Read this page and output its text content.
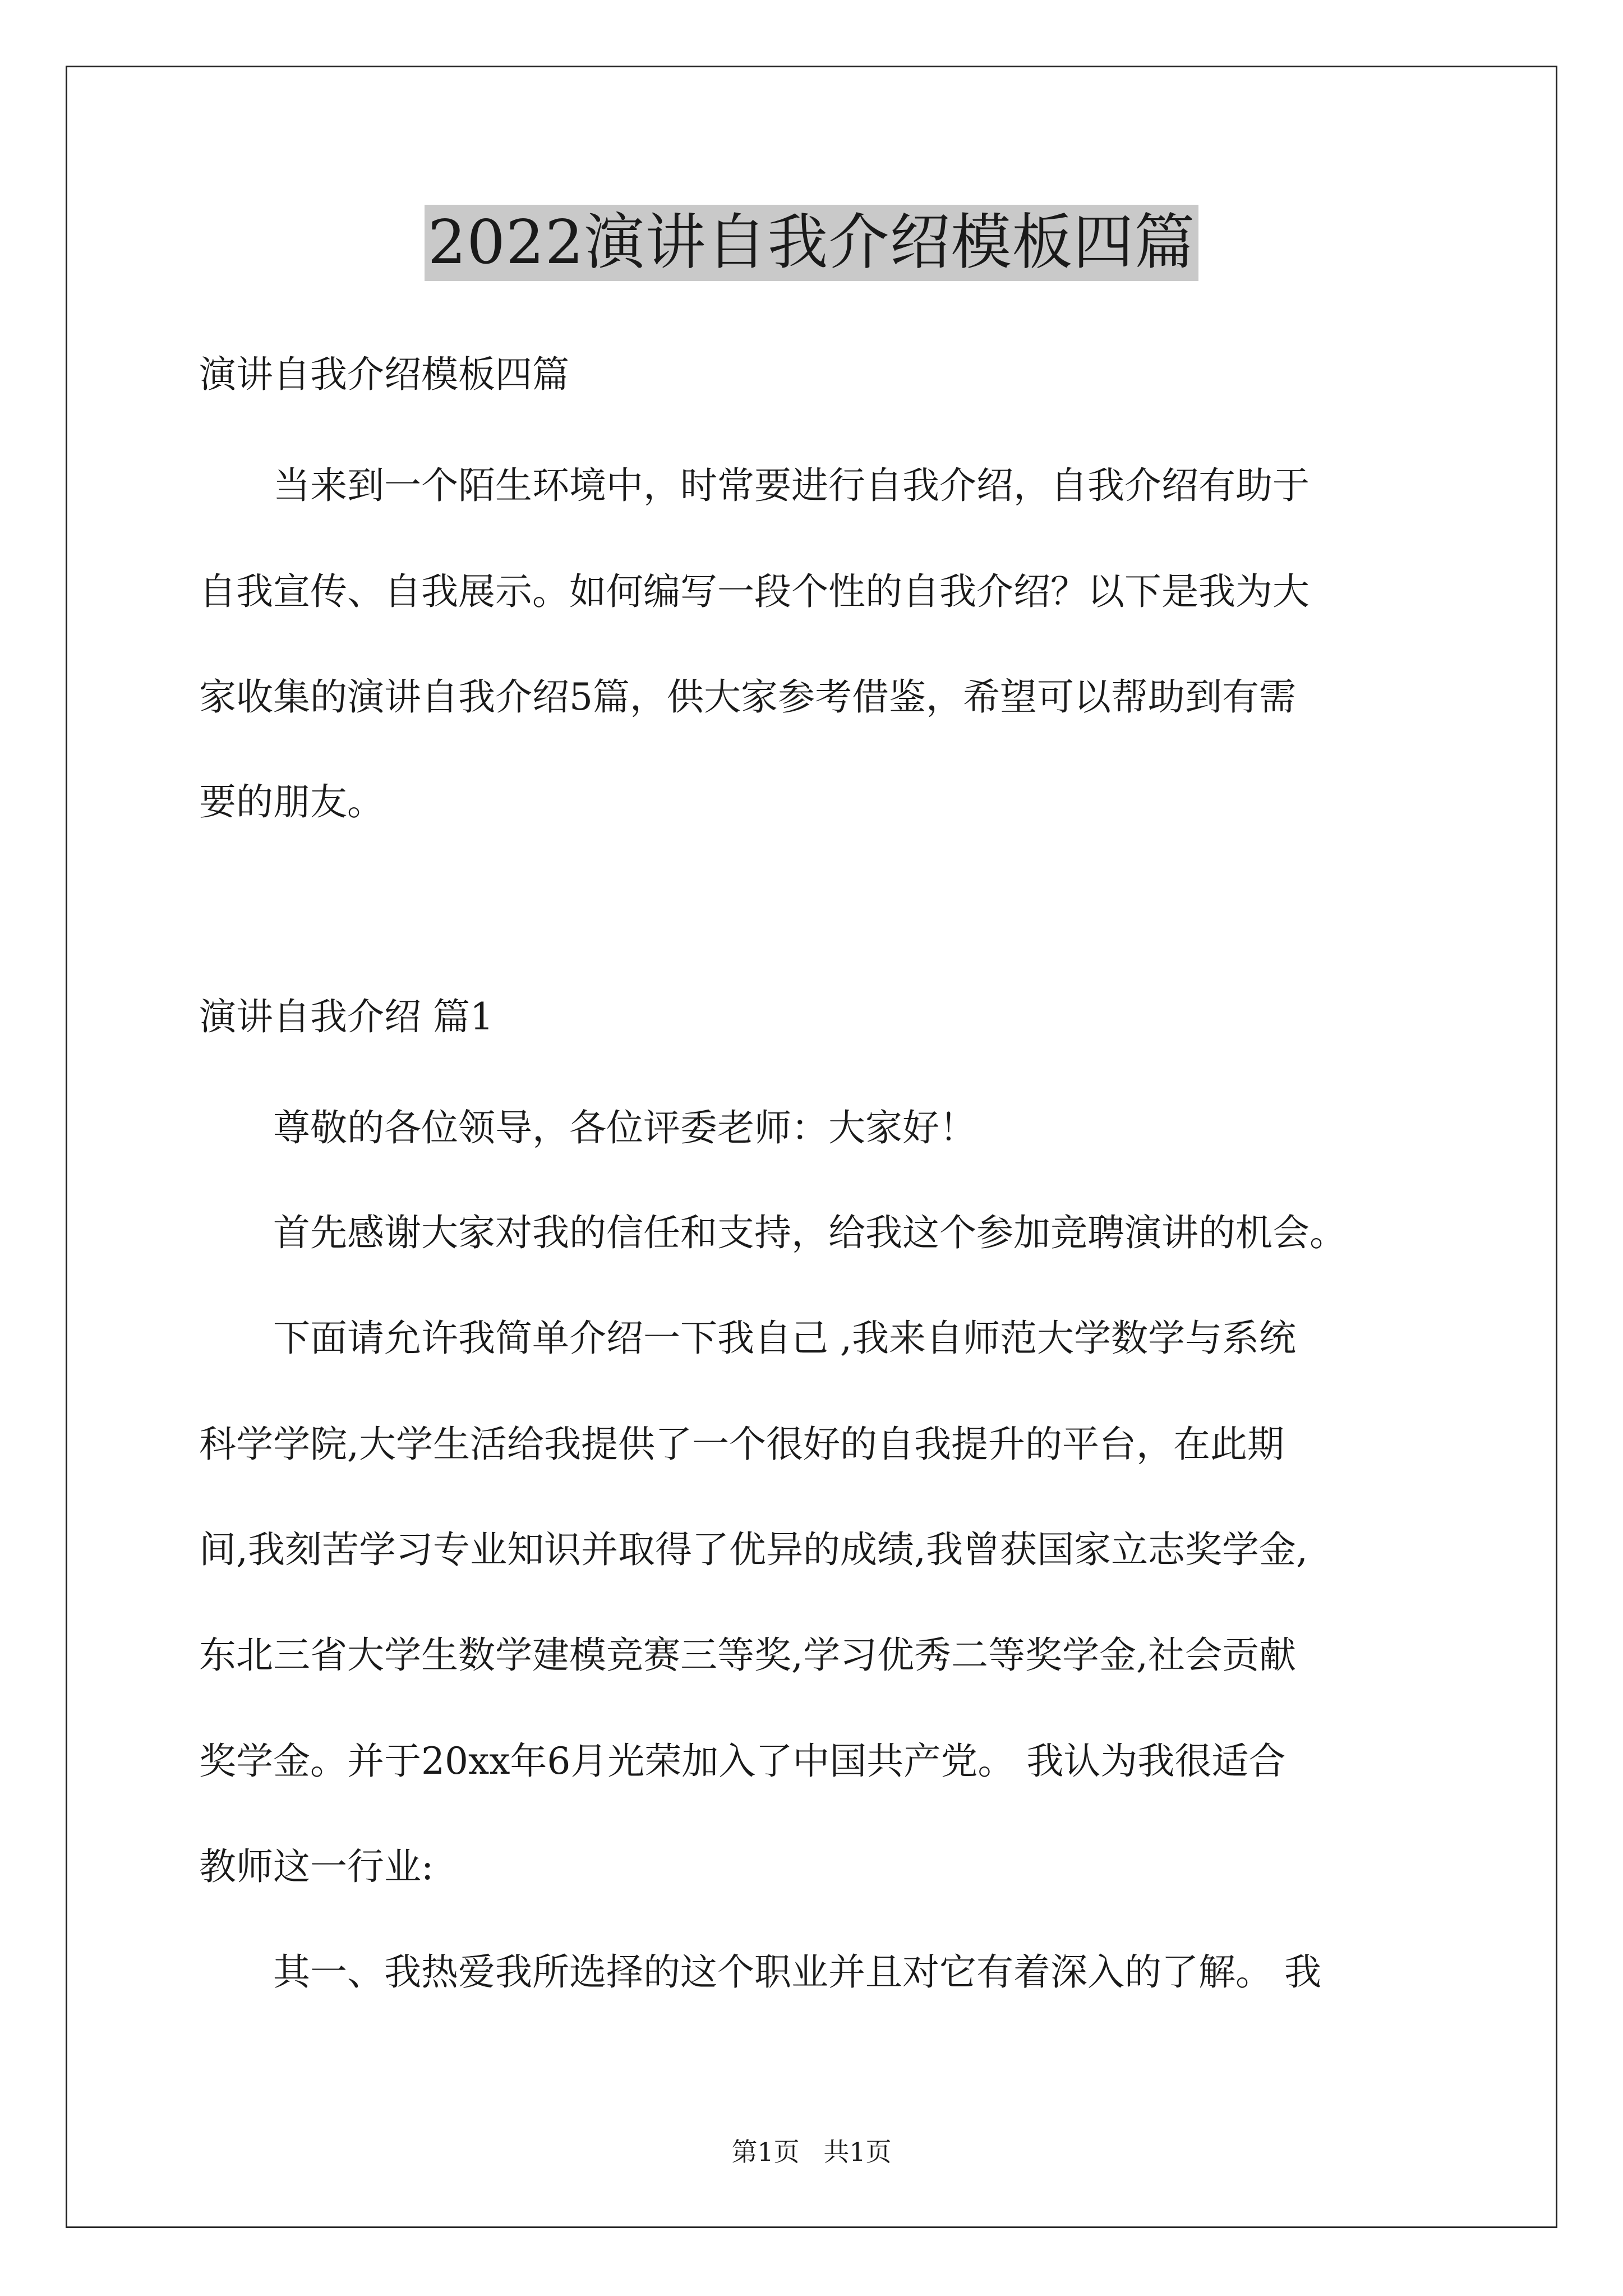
2022演讲自我介绍模板四篇
演讲自我介绍模板四篇
　　当来到一个陌生环境中，时常要进行自我介绍，自我介绍有助于
自我宣传、自我展示。如何编写一段个性的自我介绍？以下是我为大
家收集的演讲自我介绍5篇，供大家参考借鉴，希望可以帮助到有需
要的朋友。
演讲自我介绍 篇1
　　尊敬的各位领导，各位评委老师：大家好！
　　首先感谢大家对我的信任和支持，给我这个参加竞聘演讲的机会。
　　下面请允许我简单介绍一下我自己 ,我来自师范大学数学与系统
科学学院,大学生活给我提供了一个很好的自我提升的平台，在此期
间,我刻苦学习专业知识并取得了优异的成绩,我曾获国家立志奖学金,
东北三省大学生数学建模竞赛三等奖,学习优秀二等奖学金,社会贡献
奖学金。并于20xx年6月光荣加入了中国共产党。 我认为我很适合
教师这一行业:
　　其一、我热爱我所选择的这个职业并且对它有着深入的了解。 我
第1页 共1页
